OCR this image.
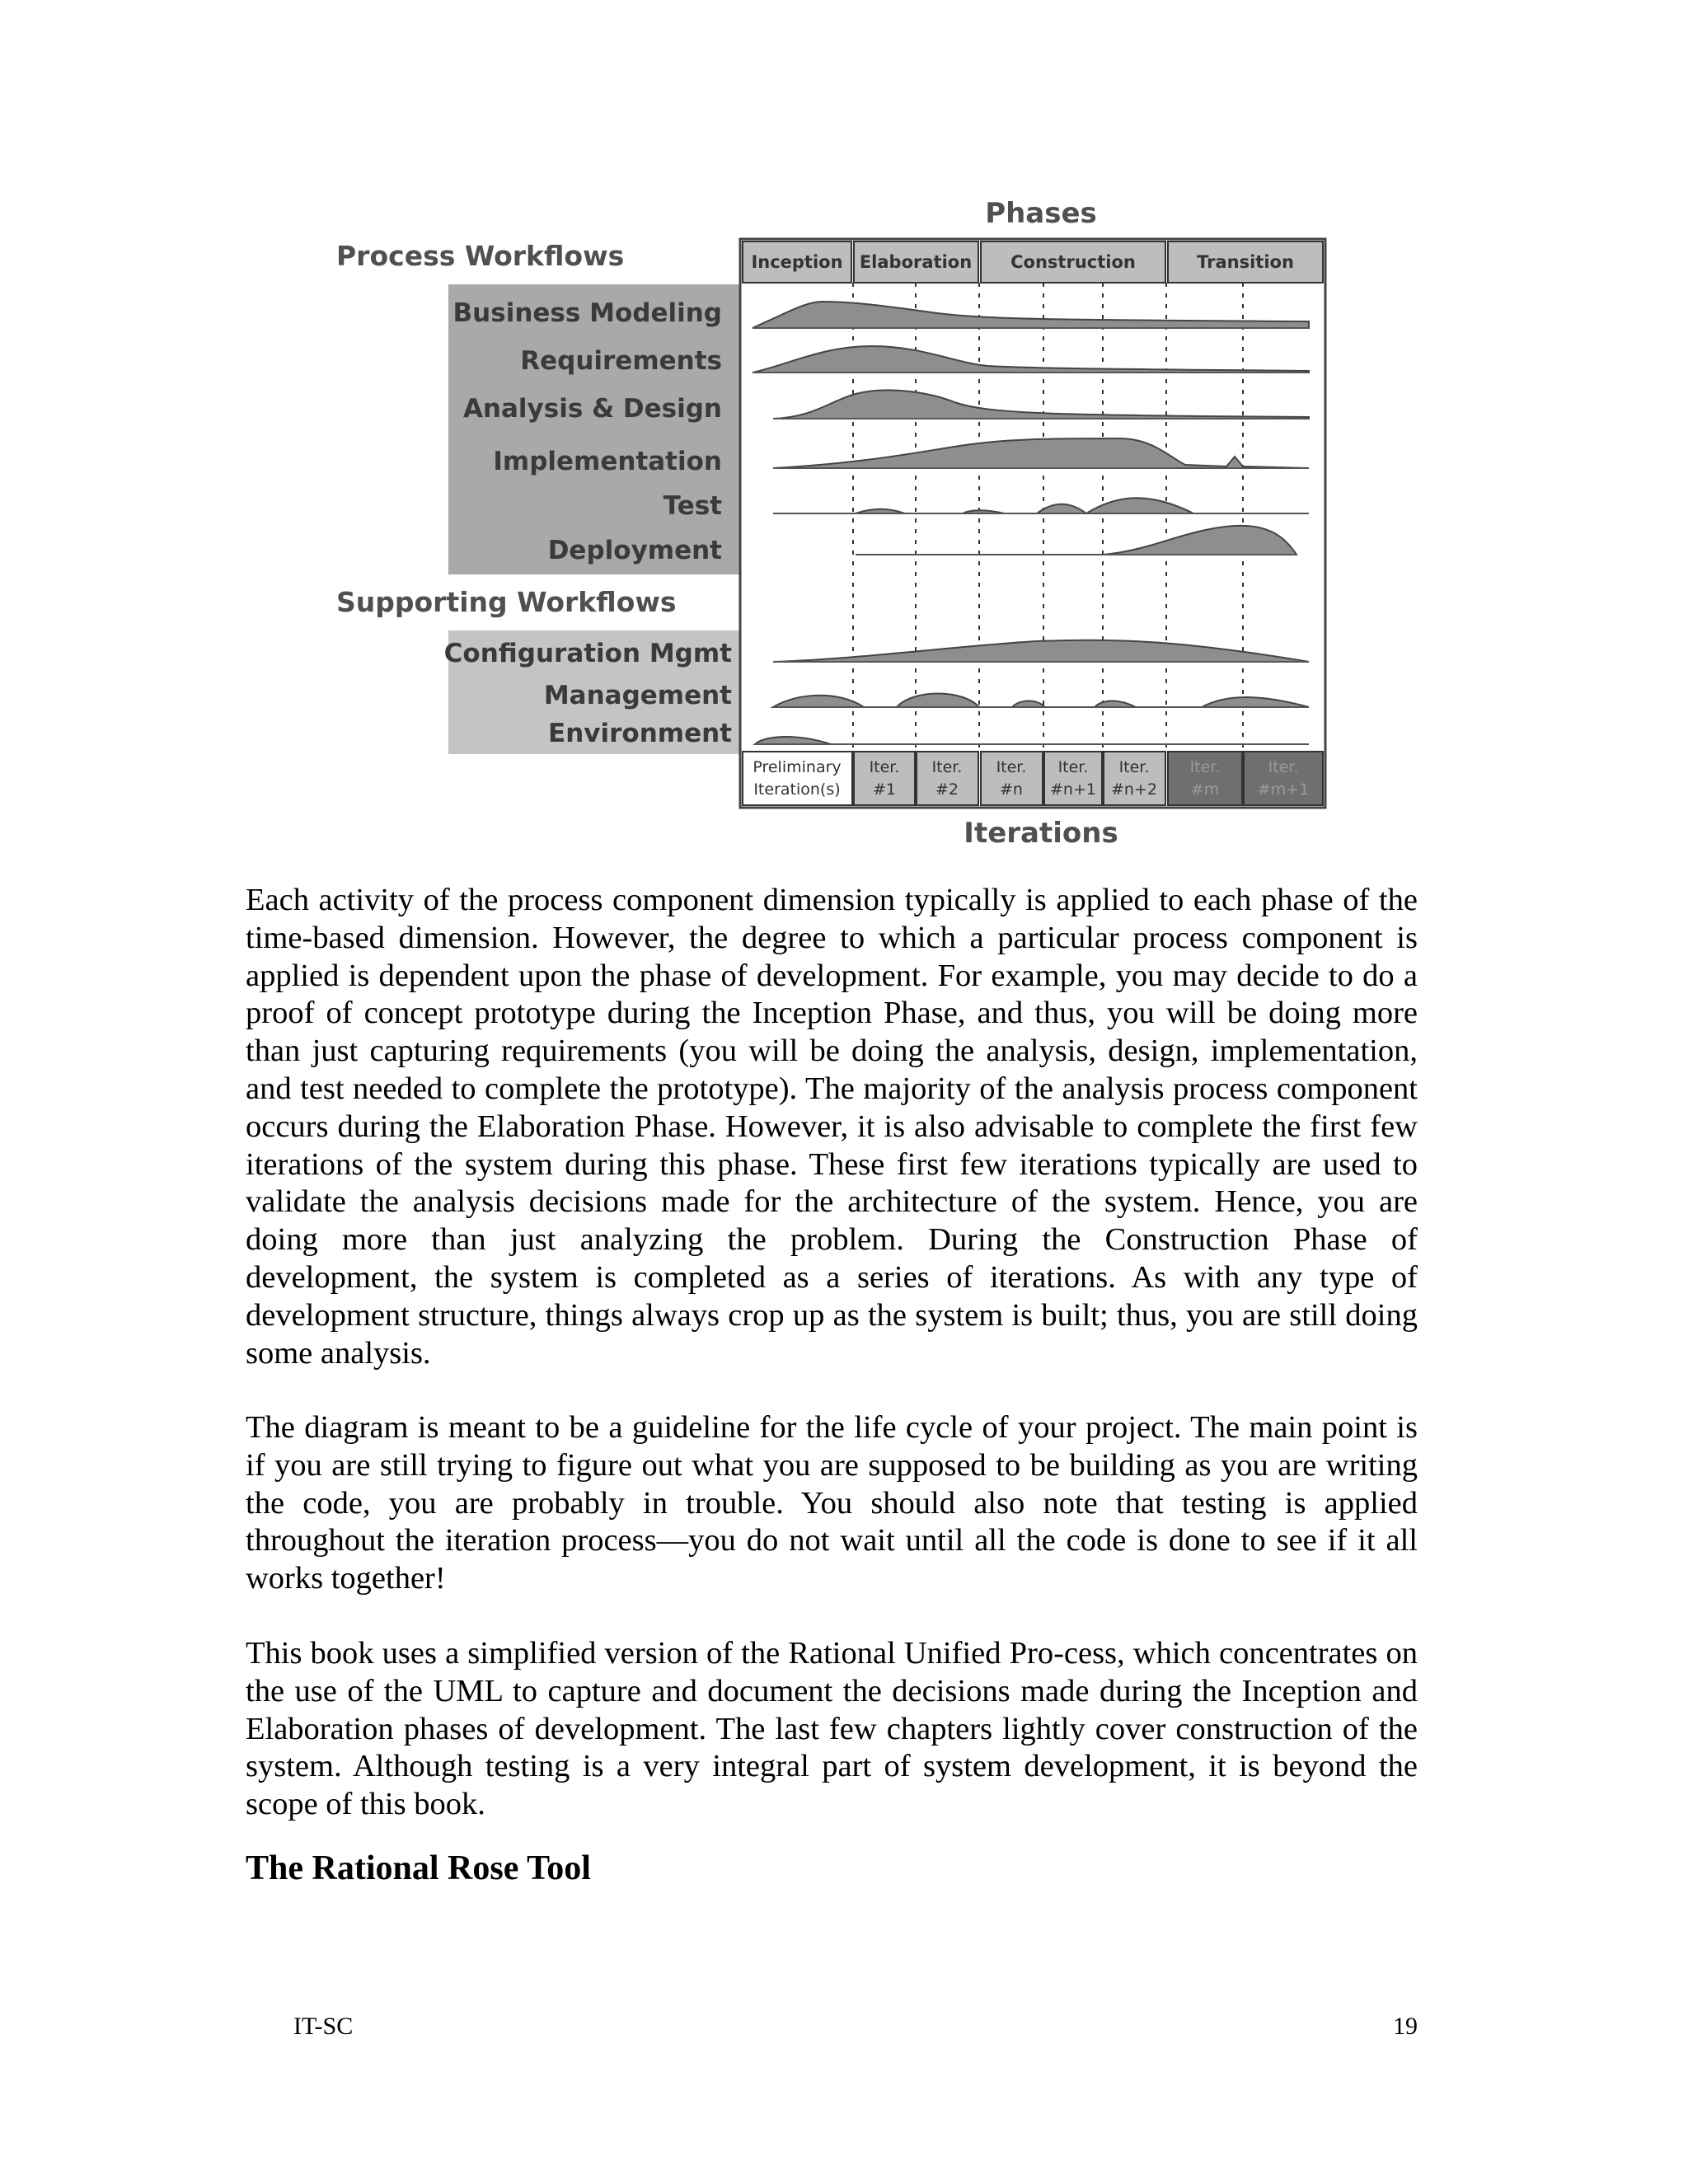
Phases
Process Workflows
Supporting Workflows
Iterations
Inception Elaboration Construction	Transition
Business Modeling
Requirements
Analysis & Design
Implementation
Test
Deployment
Configuration Mgmt
Management
Environment
Preliminary
Iteration(s)
Iter.
#1
Iter.
#2
Iter.
#n
Iter.
#n+1
Iter.
#n+2
Iter.
#m
Iter.
#m+1

Each activity of the process component dimension typically is applied to each phase of the time-based dimension. However, the degree to which a particular process component is applied is dependent upon the phase of development. For example, you may decide to do a proof of concept prototype during the Inception Phase, and thus, you will be doing more than just capturing requirements (you will be doing the analysis, design, implementation, and test needed to complete the prototype). The majority of the analysis process component occurs during the Elaboration Phase. However, it is also advisable to complete the first few iterations of the system during this phase. These first few iterations typically are used to validate the analysis decisions made for the architecture of the system. Hence, you are doing more than just analyzing the problem. During the Construction Phase of development, the system is completed as a series of iterations. As with any type of development structure, things always crop up as the system is built; thus, you are still doing some analysis.

The diagram is meant to be a guideline for the life cycle of your project. The main point is if you are still trying to figure out what you are supposed to be building as you are writing the code, you are probably in trouble. You should also note that testing is applied throughout the iteration process—you do not wait until all the code is done to see if it all works together!

This book uses a simplified version of the Rational Unified Pro-cess, which concentrates on the use of the UML to capture and document the decisions made during the Inception and Elaboration phases of development. The last few chapters lightly cover construction of the system. Although testing is a very integral part of system development, it is beyond the scope of this book.

The Rational Rose Tool
IT-SC	19
